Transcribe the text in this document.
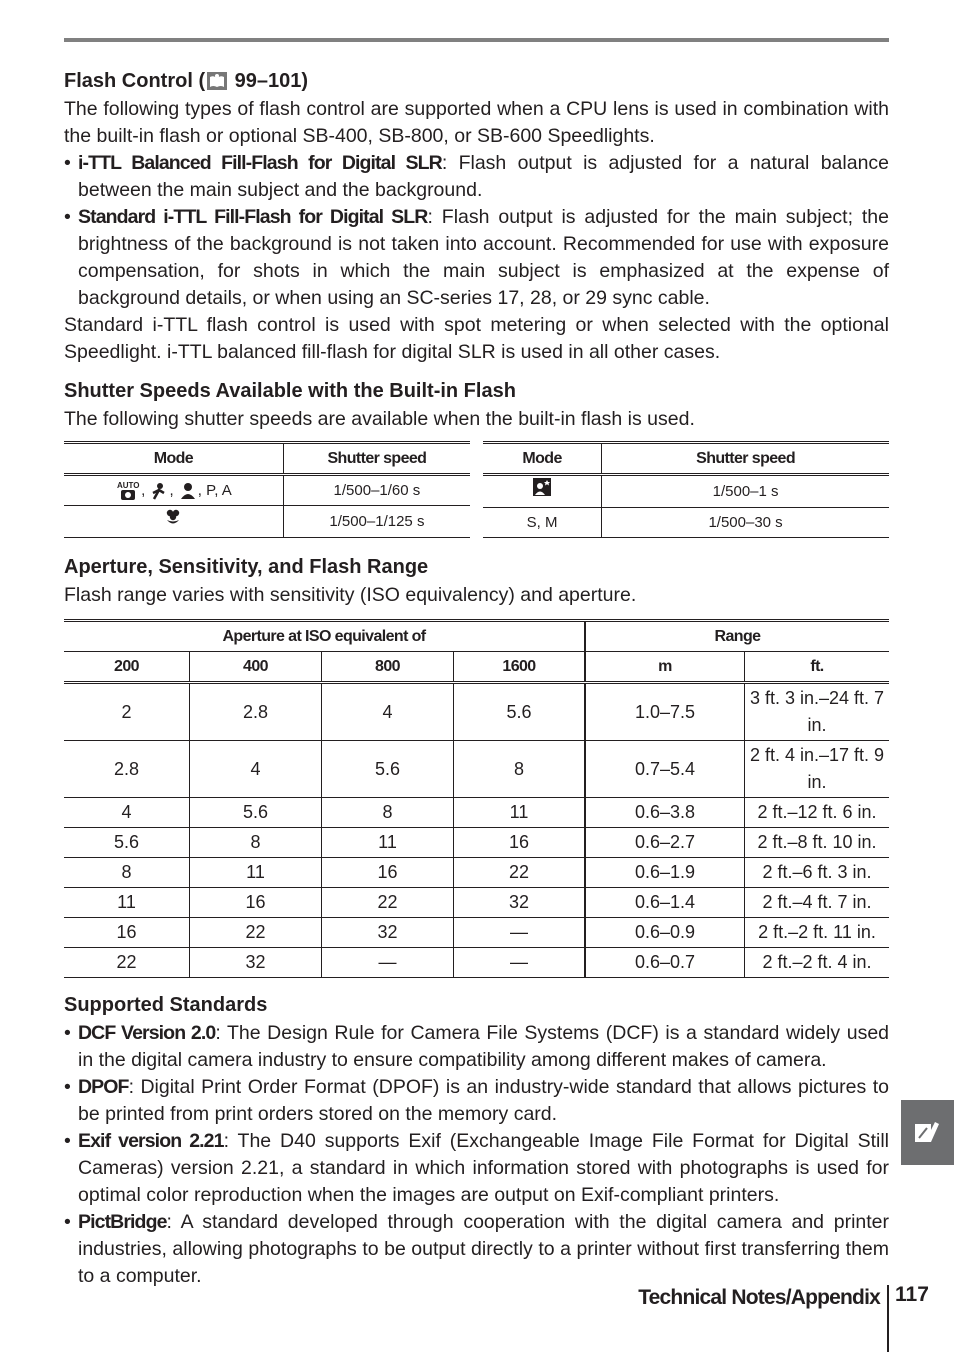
Flash Control ( 99–101)

The following types of flash control are supported when a CPU lens is used in combination with the built-in flash or optional SB-400, SB-800, or SB-600 Speedlights.

• i-TTL Balanced Fill-Flash for Digital SLR: Flash output is adjusted for a natural balance between the main subject and the background.
• Standard i-TTL Fill-Flash for Digital SLR: Flash output is adjusted for the main subject; the brightness of the background is not taken into account. Recommended for use with exposure compensation, for shots in which the main subject is emphasized at the expense of background details, or when using an SC-series 17, 28, or 29 sync cable.

Standard i-TTL flash control is used with spot metering or when selected with the optional Speedlight. i-TTL balanced fill-flash for digital SLR is used in all other cases.

Shutter Speeds Available with the Built-in Flash

The following shutter speeds are available when the built-in flash is used.

Mode	Shutter speed

AUTO , , , P, A	1/500–1/60 s
	1/500–1/125 s
Mode	Shutter speed
	1/500–1 s
S, M	1/500–30 s
Aperture, Sensitivity, and Flash Range

Flash range varies with sensitivity (ISO equivalency) and aperture.

Aperture at ISO equivalent of				Range	
200	400	800	1600	m	ft.
2	2.8	4	5.6	1.0–7.5	3 ft. 3 in.–24 ft. 7 in.
2.8	4	5.6	8	0.7–5.4	2 ft. 4 in.–17 ft. 9 in.
4	5.6	8	11	0.6–3.8	2 ft.–12 ft. 6 in.
5.6	8	11	16	0.6–2.7	2 ft.–8 ft. 10 in.
8	11	16	22	0.6–1.9	2 ft.–6 ft. 3 in.
11	16	22	32	0.6–1.4	2 ft.–4 ft. 7 in.
16	22	32	—	0.6–0.9	2 ft.–2 ft. 11 in.
22	32	—	—	0.6–0.7	2 ft.–2 ft. 4 in.
Supported Standards
• DCF Version 2.0: The Design Rule for Camera File Systems (DCF) is a standard widely used in the digital camera industry to ensure compatibility among different makes of camera.
• DPOF: Digital Print Order Format (DPOF) is an industry-wide standard that allows pictures to be printed from print orders stored on the memory card.
• Exif version 2.21: The D40 supports Exif (Exchangeable Image File Format for Digital Still Cameras) version 2.21, a standard in which information stored with photographs is used for optimal color reproduction when the images are output on Exif-compliant printers.
• PictBridge: A standard developed through cooperation with the digital camera and printer industries, allowing photographs to be output directly to a printer without first transferring them to a computer.
Technical Notes/Appendix 117
